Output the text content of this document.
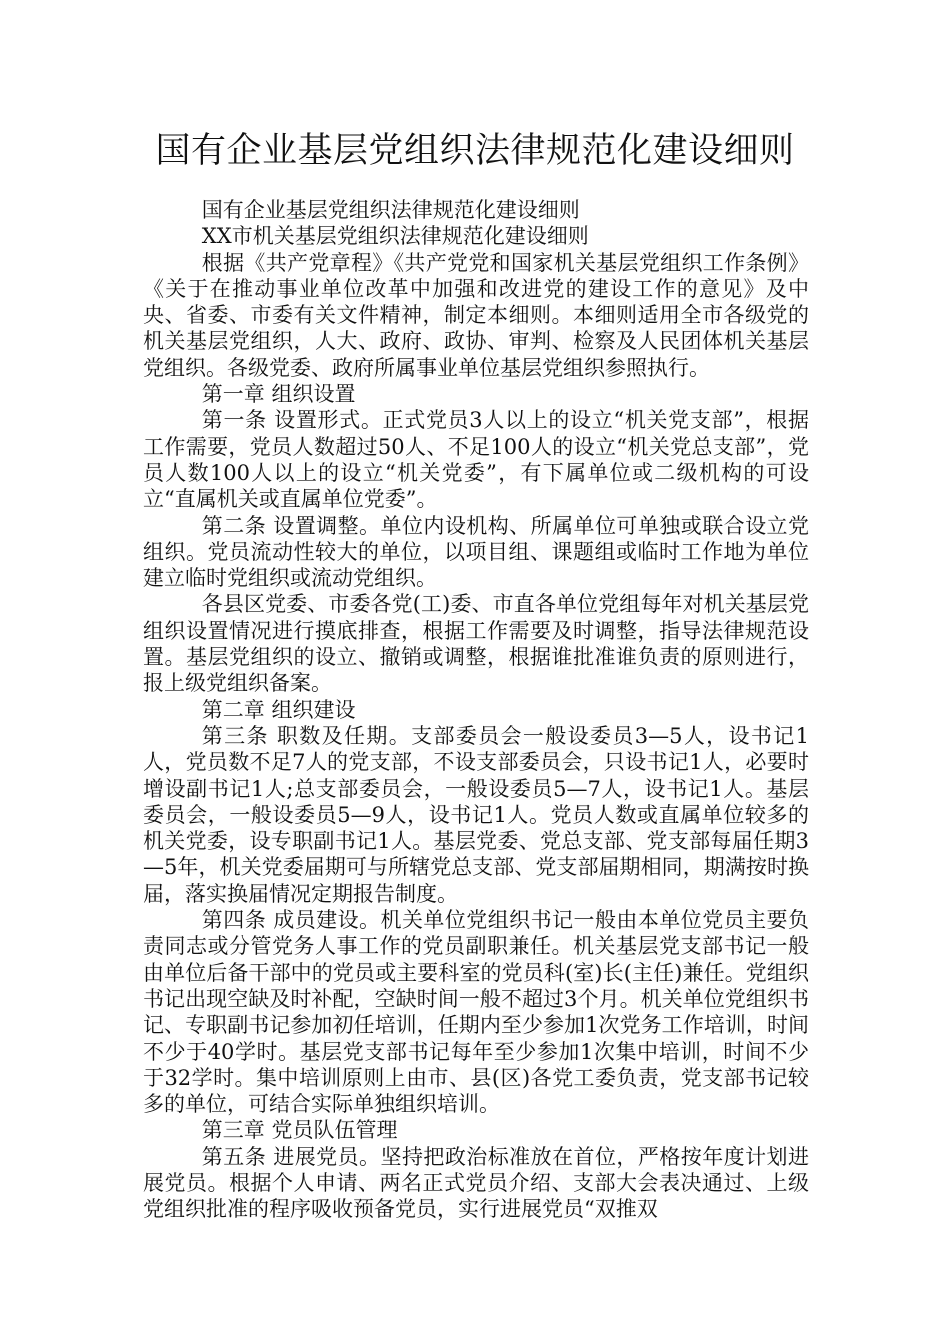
国有企业基层党组织法律规范化建设细则

国有企业基层党组织法律规范化建设细则

XX市机关基层党组织法律规范化建设细则

根据《共产党章程》《共产党党和国家机关基层党组织工作条例》《关于在推动事业单位改革中加强和改进党的建设工作的意见》及中央、省委、市委有关文件精神，制定本细则。本细则适用全市各级党的机关基层党组织，人大、政府、政协、审判、检察及人民团体机关基层党组织。各级党委、政府所属事业单位基层党组织参照执行。

第一章 组织设置

第一条 设置形式。正式党员3人以上的设立“机关党支部”，根据工作需要，党员人数超过50人、不足100人的设立“机关党总支部”，党员人数100人以上的设立“机关党委”，有下属单位或二级机构的可设立“直属机关或直属单位党委”。

第二条 设置调整。单位内设机构、所属单位可单独或联合设立党组织。党员流动性较大的单位，以项目组、课题组或临时工作地为单位建立临时党组织或流动党组织。

各县区党委、市委各党(工)委、市直各单位党组每年对机关基层党组织设置情况进行摸底排查，根据工作需要及时调整，指导法律规范设置。基层党组织的设立、撤销或调整，根据谁批准谁负责的原则进行，报上级党组织备案。

第二章 组织建设

第三条 职数及任期。支部委员会一般设委员3—5人，设书记1人，党员数不足7人的党支部，不设支部委员会，只设书记1人，必要时增设副书记1人;总支部委员会，一般设委员5—7人，设书记1人。基层委员会，一般设委员5—9人，设书记1人。党员人数或直属单位较多的机关党委，设专职副书记1人。基层党委、党总支部、党支部每届任期3—5年，机关党委届期可与所辖党总支部、党支部届期相同，期满按时换届，落实换届情况定期报告制度。

第四条 成员建设。机关单位党组织书记一般由本单位党员主要负责同志或分管党务人事工作的党员副职兼任。机关基层党支部书记一般由单位后备干部中的党员或主要科室的党员科(室)长(主任)兼任。党组织书记出现空缺及时补配，空缺时间一般不超过3个月。机关单位党组织书记、专职副书记参加初任培训，任期内至少参加1次党务工作培训，时间不少于40学时。基层党支部书记每年至少参加1次集中培训，时间不少于32学时。集中培训原则上由市、县(区)各党工委负责，党支部书记较多的单位，可结合实际单独组织培训。

第三章 党员队伍管理

第五条 进展党员。坚持把政治标准放在首位，严格按年度计划进展党员。根据个人申请、两名正式党员介绍、支部大会表决通过、上级党组织批准的程序吸收预备党员，实行进展党员“双推双
